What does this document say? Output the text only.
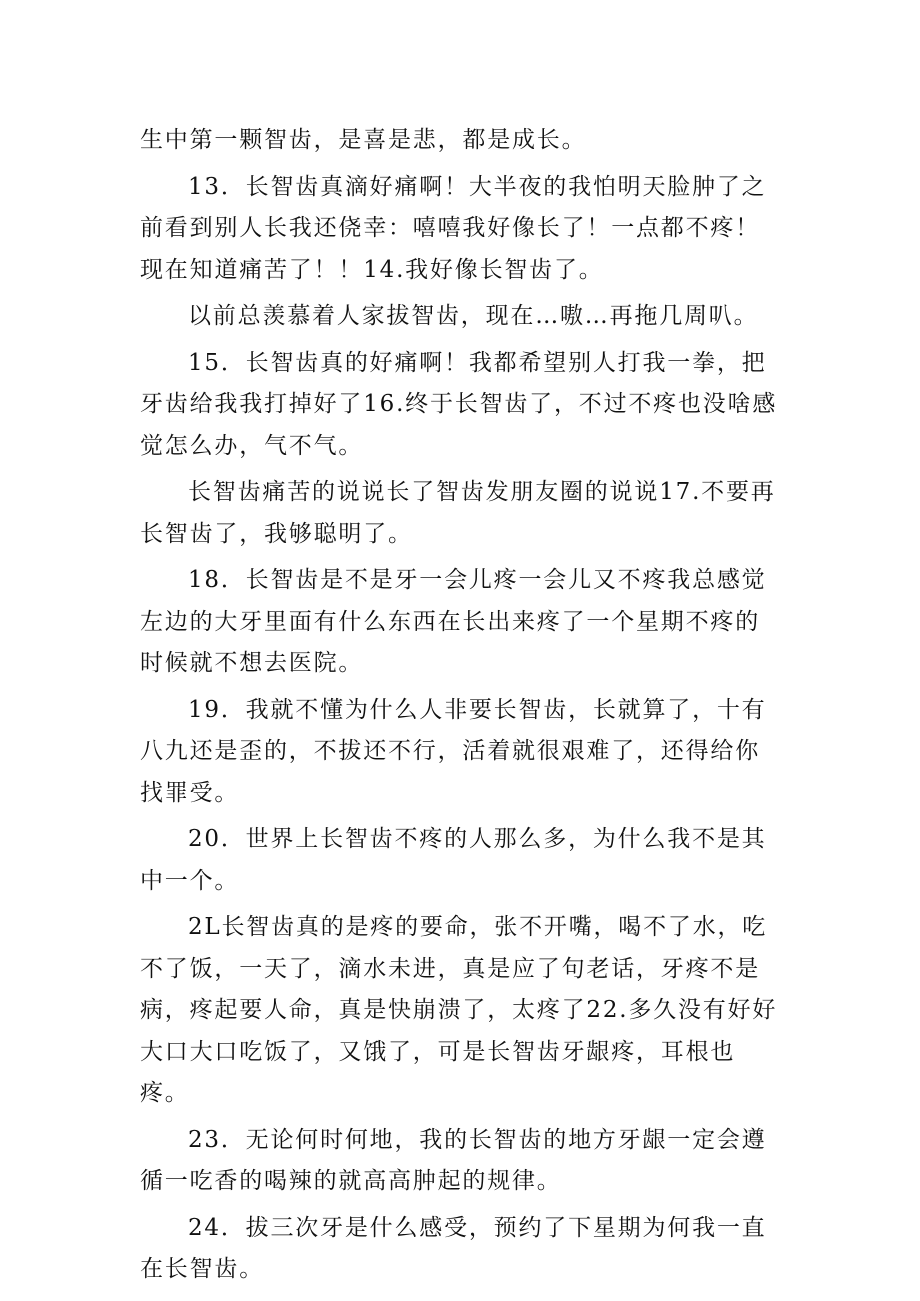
生中第一颗智齿，是喜是悲，都是成长。

13．长智齿真滴好痛啊！大半夜的我怕明天脸肿了之前看到别人长我还侥幸：嘻嘻我好像长了！一点都不疼！现在知道痛苦了！！14.我好像长智齿了。

以前总羡慕着人家拔智齿，现在…嗷…再拖几周叭。

15．长智齿真的好痛啊！我都希望别人打我一拳，把牙齿给我我打掉好了16.终于长智齿了，不过不疼也没啥感觉怎么办，气不气。

长智齿痛苦的说说长了智齿发朋友圈的说说17.不要再长智齿了，我够聪明了。

18．长智齿是不是牙一会儿疼一会儿又不疼我总感觉左边的大牙里面有什么东西在长出来疼了一个星期不疼的时候就不想去医院。

19．我就不懂为什么人非要长智齿，长就算了，十有八九还是歪的，不拔还不行，活着就很艰难了，还得给你找罪受。

20．世界上长智齿不疼的人那么多，为什么我不是其中一个。

2L长智齿真的是疼的要命，张不开嘴，喝不了水，吃不了饭，一天了，滴水未进，真是应了句老话，牙疼不是病，疼起要人命，真是快崩溃了，太疼了22.多久没有好好大口大口吃饭了，又饿了，可是长智齿牙龈疼，耳根也疼。

23．无论何时何地，我的长智齿的地方牙龈一定会遵循一吃香的喝辣的就高高肿起的规律。

24．拔三次牙是什么感受，预约了下星期为何我一直在长智齿。
